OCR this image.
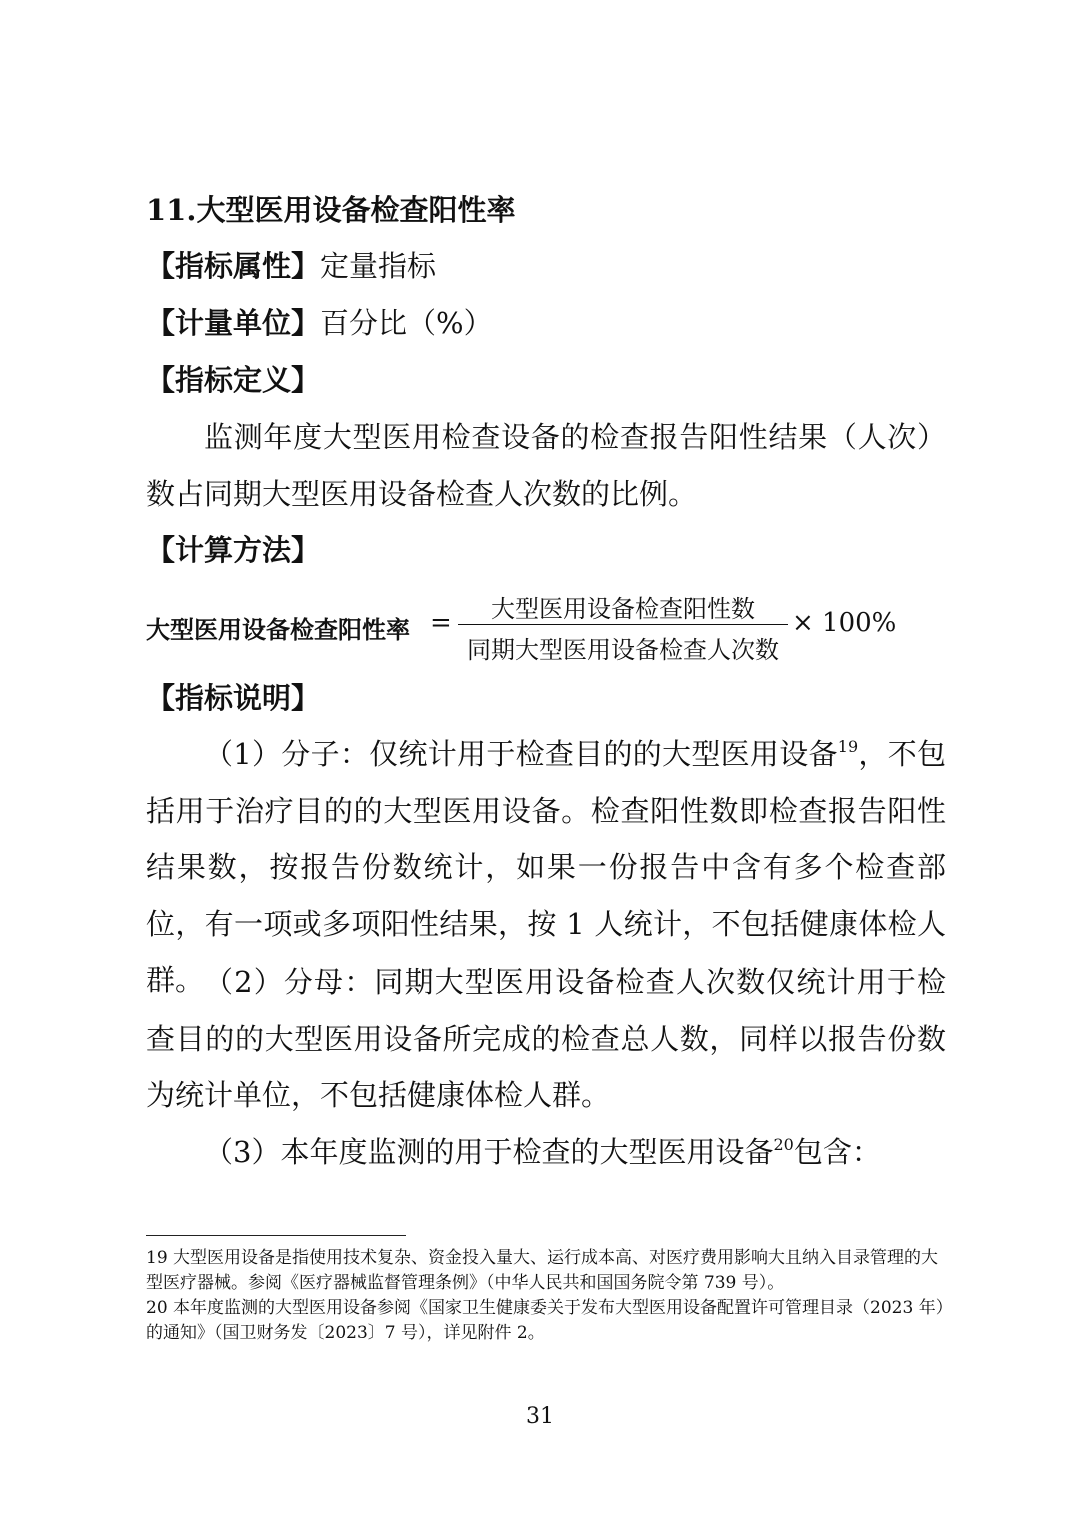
11.大型医用设备检查阳性率
【指标属性】定量指标
【计量单位】百分比（%）
【指标定义】
监测年度大型医用检查设备的检查报告阳性结果（人次）数占同期大型医用设备检查人次数的比例。
【计算方法】
大型医用设备检查阳性率 =	大型医用设备检查阳性数
同期大型医用设备检查人次数
× 100%
【指标说明】
（1）分子：仅统计用于检查目的的大型医用设备$^{19}$，不包括用于治疗目的的大型医用设备。检查阳性数即检查报告阳性结果数，按报告份数统计，如果一份报告中含有多个检查部位，有一项或多项阳性结果，按 1 人统计，不包括健康体检人群。 （2）分母：同期大型医用设备检查人次数仅统计用于检查目的的大型医用设备所完成的检查总人数，同样以报告份数为统计单位，不包括健康体检人群。
（3）本年度监测的用于检查的大型医用设备$^{20}$包含：
19 大型医用设备是指使用技术复杂、资金投入量大、运行成本高、对医疗费用影响大且纳入目录管理的大型医疗器械。参阅《医疗器械监督管理条例》（中华人民共和国国务院令第 739 号）。
20 本年度监测的大型医用设备参阅《国家卫生健康委关于发布大型医用设备配置许可管理目录（2023 年）的通知》（国卫财务发〔2023〕7 号），详见附件 2。
31
